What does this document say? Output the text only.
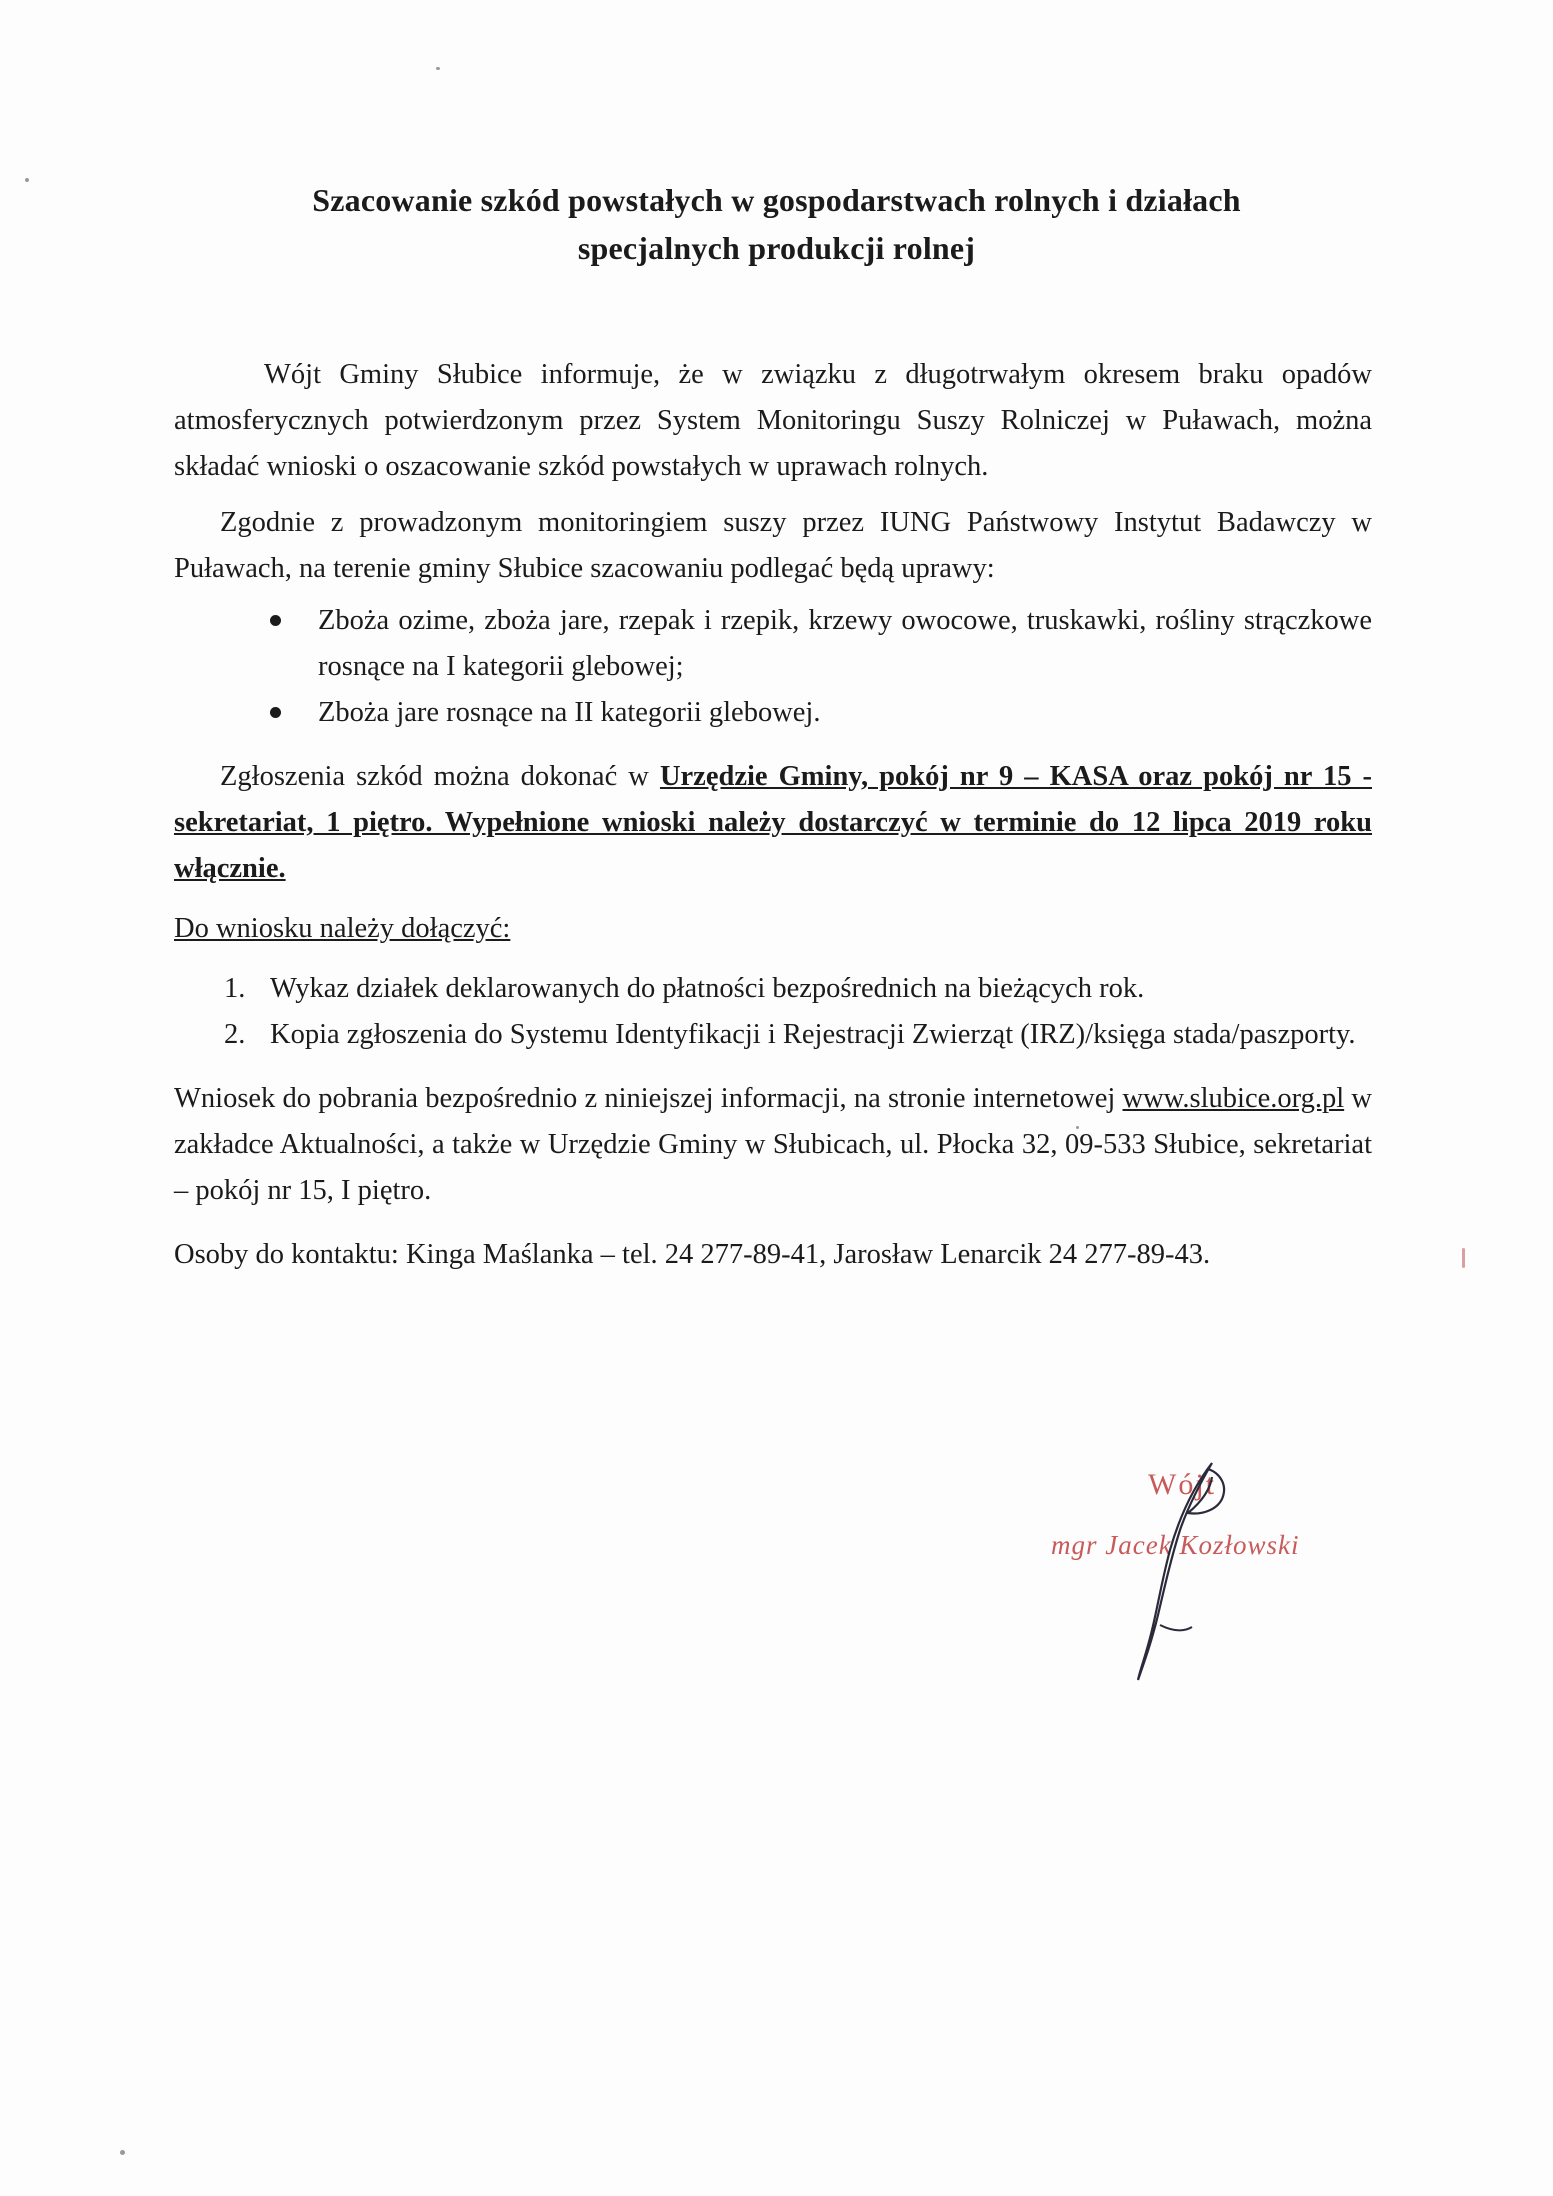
Szacowanie szkód powstałych w gospodarstwach rolnych i działach
specjalnych produkcji rolnej

Wójt Gminy Słubice informuje, że w związku z długotrwałym okresem braku opadów atmosferycznych potwierdzonym przez System Monitoringu Suszy Rolniczej w Puławach, można składać wnioski o oszacowanie szkód powstałych w uprawach rolnych.

Zgodnie z prowadzonym monitoringiem suszy przez IUNG Państwowy Instytut Badawczy w Puławach, na terenie gminy Słubice szacowaniu podlegać będą uprawy:

Zboża ozime, zboża jare, rzepak i rzepik, krzewy owocowe, truskawki, rośliny strączkowe rosnące na I kategorii glebowej;
Zboża jare rosnące na II kategorii glebowej.

Zgłoszenia szkód można dokonać w Urzędzie Gminy, pokój nr 9 – KASA oraz pokój nr 15 - sekretariat, 1 piętro. Wypełnione wnioski należy dostarczyć w terminie do 12 lipca 2019 roku włącznie.

Do wniosku należy dołączyć:

1. Wykaz działek deklarowanych do płatności bezpośrednich na bieżących rok.
2. Kopia zgłoszenia do Systemu Identyfikacji i Rejestracji Zwierząt (IRZ)/księga stada/paszporty.

Wniosek do pobrania bezpośrednio z niniejszej informacji, na stronie internetowej www.slubice.org.pl w zakładce Aktualności, a także w Urzędzie Gminy w Słubicach, ul. Płocka 32, 09-533 Słubice, sekretariat – pokój nr 15, I piętro.

Osoby do kontaktu: Kinga Maślanka – tel. 24 277-89-41, Jarosław Lenarcik 24 277-89-43.

Wójt
mgr Jacek Kozłowski
